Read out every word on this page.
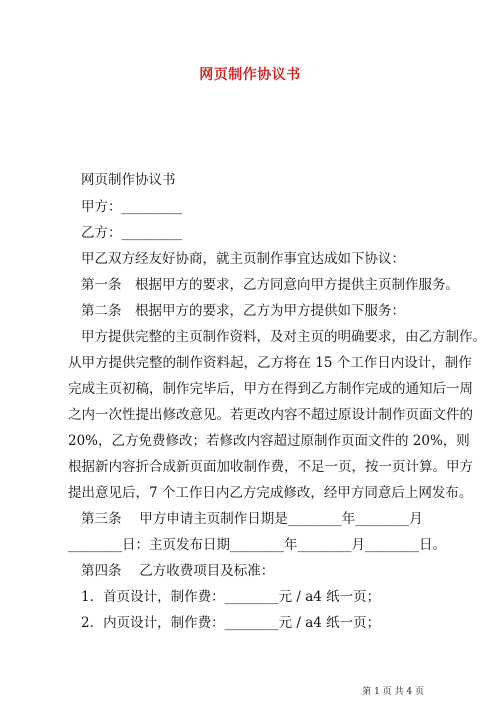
网页制作协议书
网页制作协议书
甲方：_________
乙方：_________
甲乙双方经友好协商，就主页制作事宜达成如下协议：
第一条　根据甲方的要求，乙方同意向甲方提供主页制作服务。
第二条　根据甲方的要求，乙方为甲方提供如下服务：
甲方提供完整的主页制作资料，及对主页的明确要求，由乙方制作。
从甲方提供完整的制作资料起，乙方将在 15 个工作日内设计，制作
完成主页初稿，制作完毕后，甲方在得到乙方制作完成的通知后一周
之内一次性提出修改意见。若更改内容不超过原设计制作页面文件的
20%，乙方免费修改；若修改内容超过原制作页面文件的 20%，则
根据新内容折合成新页面加收制作费，不足一页，按一页计算。甲方
提出意见后，7 个工作日内乙方完成修改，经甲方同意后上网发布。
第三条　 甲方申请主页制作日期是________年________月
________日：主页发布日期________年________月________日。
第四条　 乙方收费项目及标准：
1．首页设计，制作费：________元 / a4 纸一页；
2．内页设计，制作费：________元 / a4 纸一页；
第 1 页 共 4 页
